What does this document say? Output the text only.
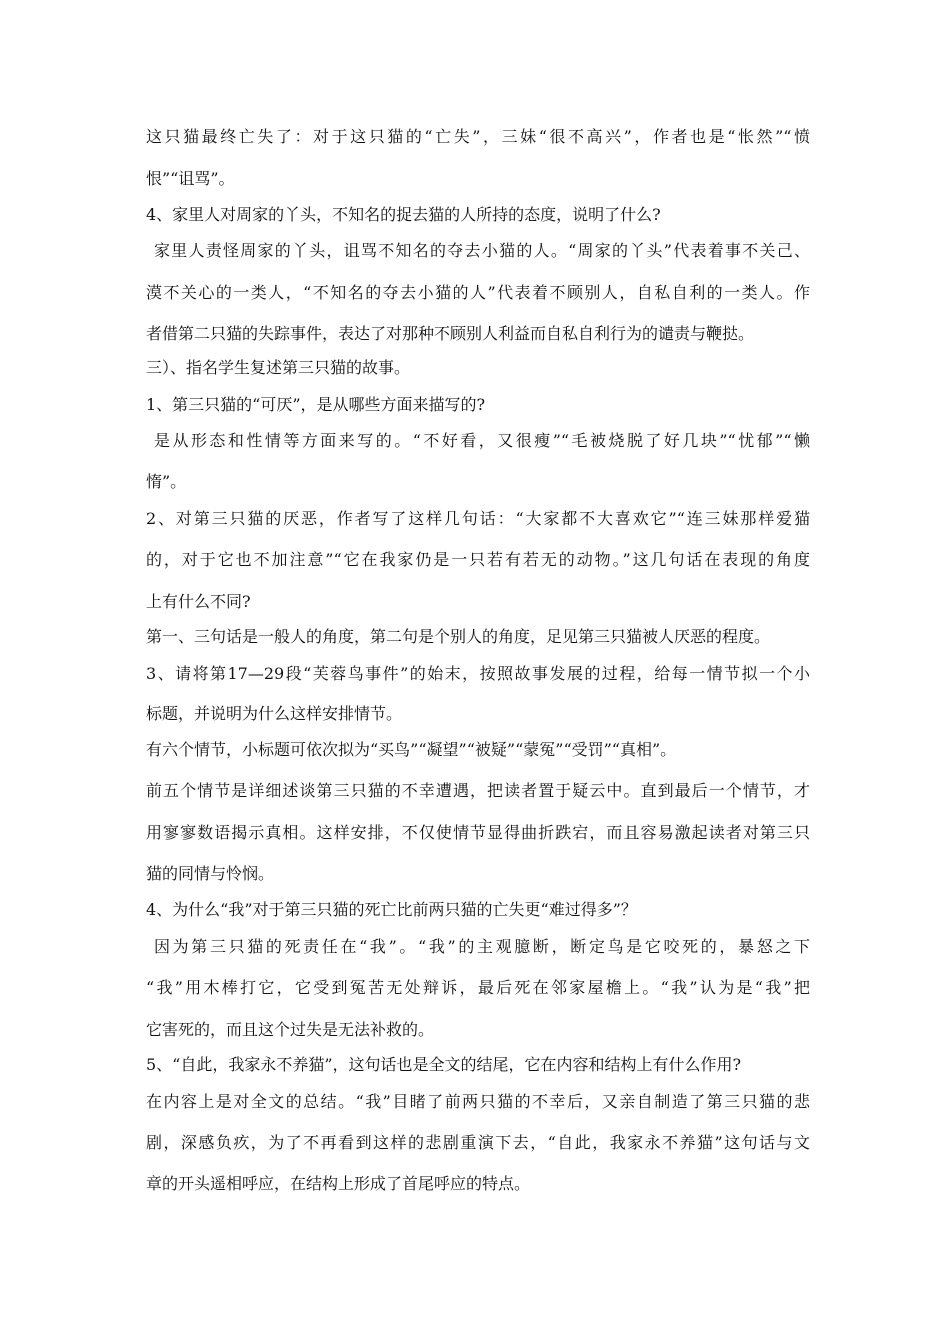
这只猫最终亡失了：对于这只猫的“亡失”，三妹“很不高兴”，作者也是“怅然”“愤
恨”“诅骂”。
4、家里人对周家的丫头，不知名的捉去猫的人所持的态度，说明了什么?
家里人责怪周家的丫头，诅骂不知名的夺去小猫的人。“周家的丫头”代表着事不关己、
漠不关心的一类人，“不知名的夺去小猫的人”代表着不顾别人，自私自利的一类人。作
者借第二只猫的失踪事件，表达了对那种不顾别人利益而自私自利行为的谴责与鞭挞。
三）、指名学生复述第三只猫的故事。
1、第三只猫的“可厌”，是从哪些方面来描写的?
是从形态和性情等方面来写的。“不好看，又很瘦”“毛被烧脱了好几块”“忧郁”“懒
惰”。
2、对第三只猫的厌恶，作者写了这样几句话：“大家都不大喜欢它”“连三妹那样爱猫
的，对于它也不加注意”“它在我家仍是一只若有若无的动物。”这几句话在表现的角度
上有什么不同?
第一、三句话是一般人的角度，第二句是个别人的角度，足见第三只猫被人厌恶的程度。
3、请将第17—29段“芙蓉鸟事件”的始末，按照故事发展的过程，给每一情节拟一个小
标题，并说明为什么这样安排情节。
有六个情节，小标题可依次拟为“买鸟”“凝望”“被疑”“蒙冤”“受罚”“真相”。
前五个情节是详细述谈第三只猫的不幸遭遇，把读者置于疑云中。直到最后一个情节，才
用寥寥数语揭示真相。这样安排，不仅使情节显得曲折跌宕，而且容易激起读者对第三只
猫的同情与怜悯。
4、为什么“我”对于第三只猫的死亡比前两只猫的亡失更“难过得多”？
因为第三只猫的死责任在“我”。“我”的主观臆断，断定鸟是它咬死的，暴怒之下
“我”用木棒打它，它受到冤苦无处辩诉，最后死在邻家屋檐上。“我”认为是“我”把
它害死的，而且这个过失是无法补救的。
5、“自此，我家永不养猫”，这句话也是全文的结尾，它在内容和结构上有什么作用?
在内容上是对全文的总结。“我”目睹了前两只猫的不幸后，又亲自制造了第三只猫的悲
剧，深感负疚，为了不再看到这样的悲剧重演下去，“自此，我家永不养猫”这句话与文
章的开头遥相呼应，在结构上形成了首尾呼应的特点。
